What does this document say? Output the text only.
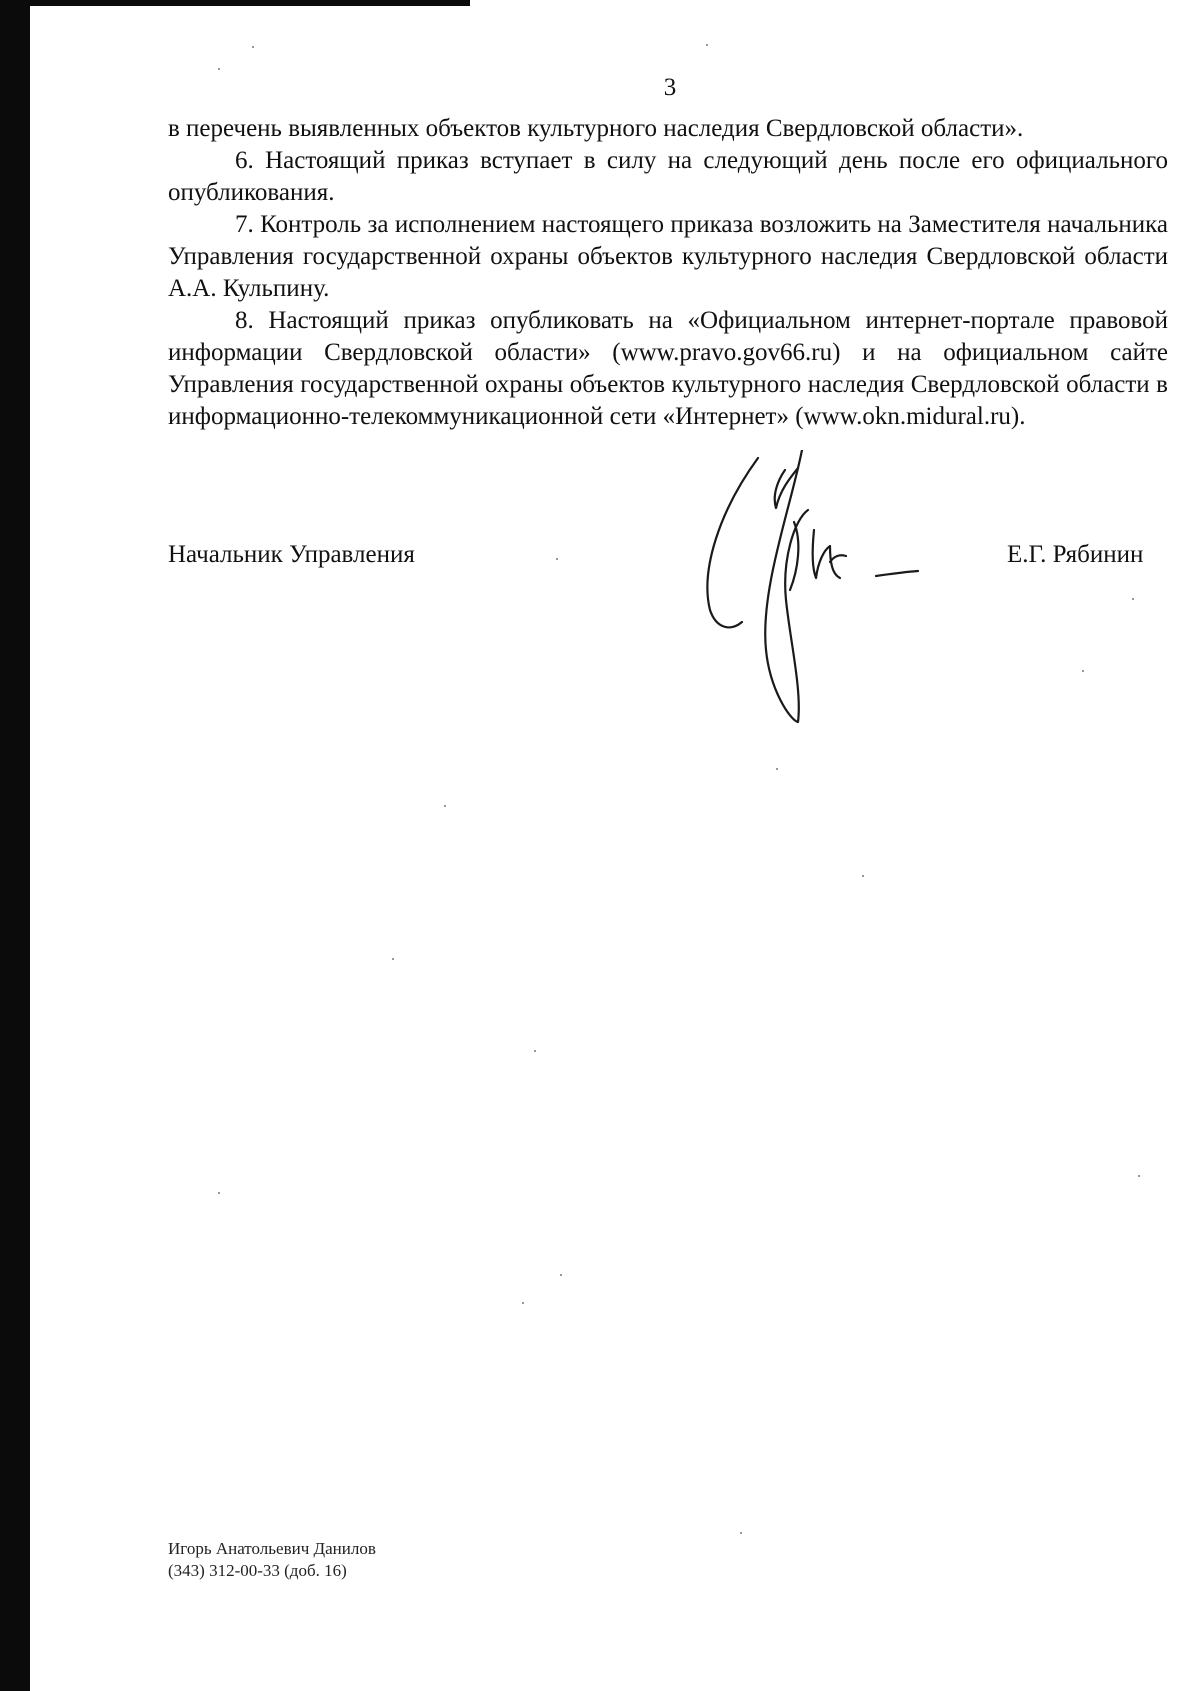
3

в перечень выявленных объектов культурного наследия Свердловской области».

6. Настоящий приказ вступает в силу на следующий день после его официального опубликования.

7. Контроль за исполнением настоящего приказа возложить на Заместителя начальника Управления государственной охраны объектов культурного наследия Свердловской области А.А. Кульпину.

8. Настоящий приказ опубликовать на «Официальном интернет-портале правовой информации Свердловской области» (www.pravo.gov66.ru) и на официальном сайте Управления государственной охраны объектов культурного наследия Свердловской области в информационно-телекоммуникационной сети «Интернет» (www.okn.midural.ru).

Начальник Управления	Е.Г. Рябинин
Игорь Анатольевич Данилов
(343) 312-00-33 (доб. 16)
